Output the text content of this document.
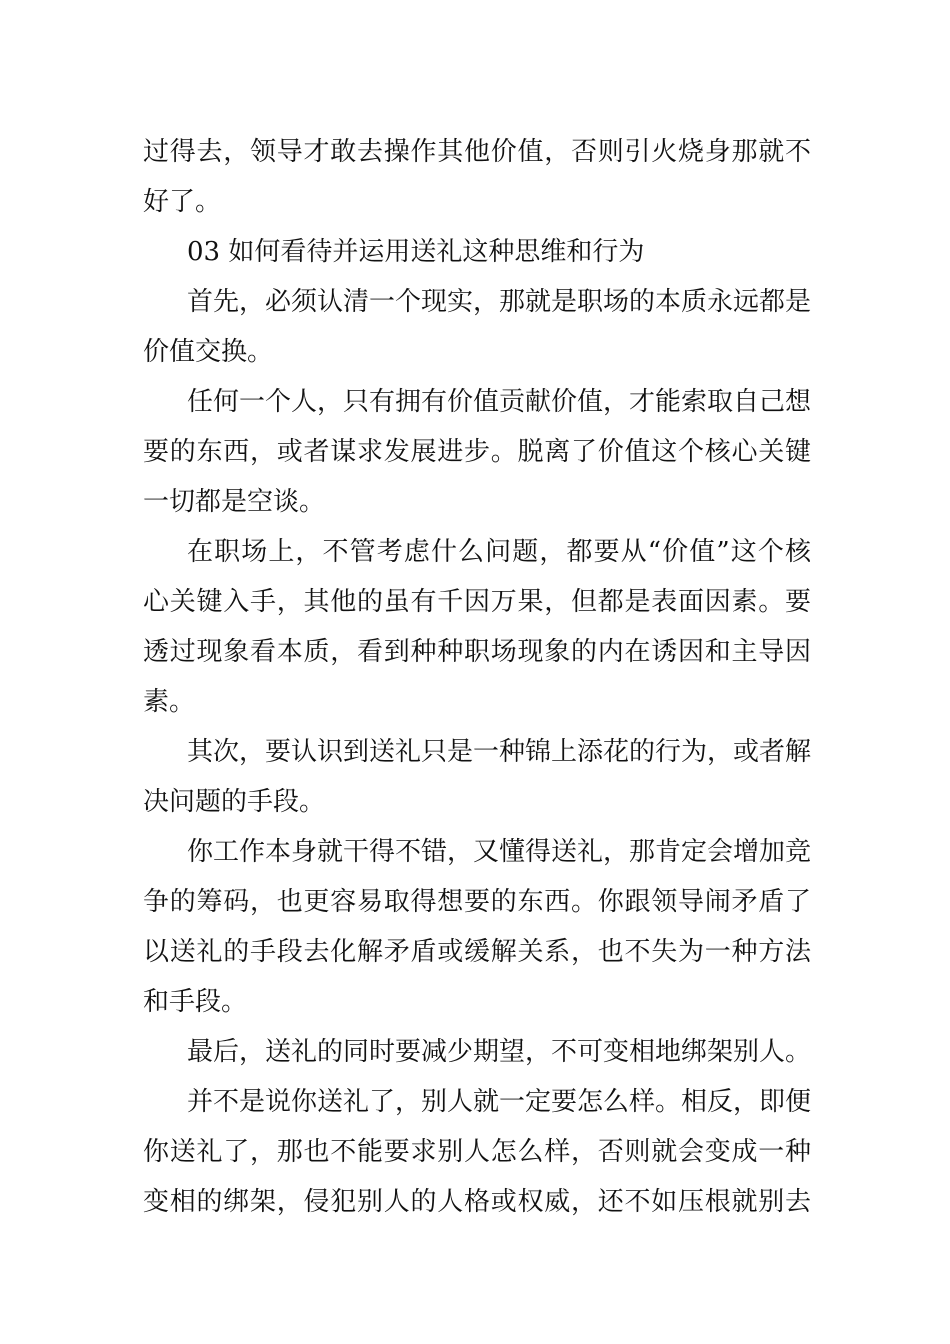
过得去，领导才敢去操作其他价值，否则引火烧身那就不
好了。

03 如何看待并运用送礼这种思维和行为

首先，必须认清一个现实，那就是职场的本质永远都是
价值交换。

任何一个人，只有拥有价值贡献价值，才能索取自己想
要的东西，或者谋求发展进步。脱离了价值这个核心关键
一切都是空谈。

在职场上，不管考虑什么问题，都要从“价值”这个核
心关键入手，其他的虽有千因万果，但都是表面因素。要
透过现象看本质，看到种种职场现象的内在诱因和主导因
素。

其次，要认识到送礼只是一种锦上添花的行为，或者解
决问题的手段。

你工作本身就干得不错，又懂得送礼，那肯定会增加竞
争的筹码，也更容易取得想要的东西。你跟领导闹矛盾了
以送礼的手段去化解矛盾或缓解关系，也不失为一种方法
和手段。

最后，送礼的同时要减少期望，不可变相地绑架别人。

并不是说你送礼了，别人就一定要怎么样。相反，即便
你送礼了，那也不能要求别人怎么样，否则就会变成一种
变相的绑架，侵犯别人的人格或权威，还不如压根就别去
